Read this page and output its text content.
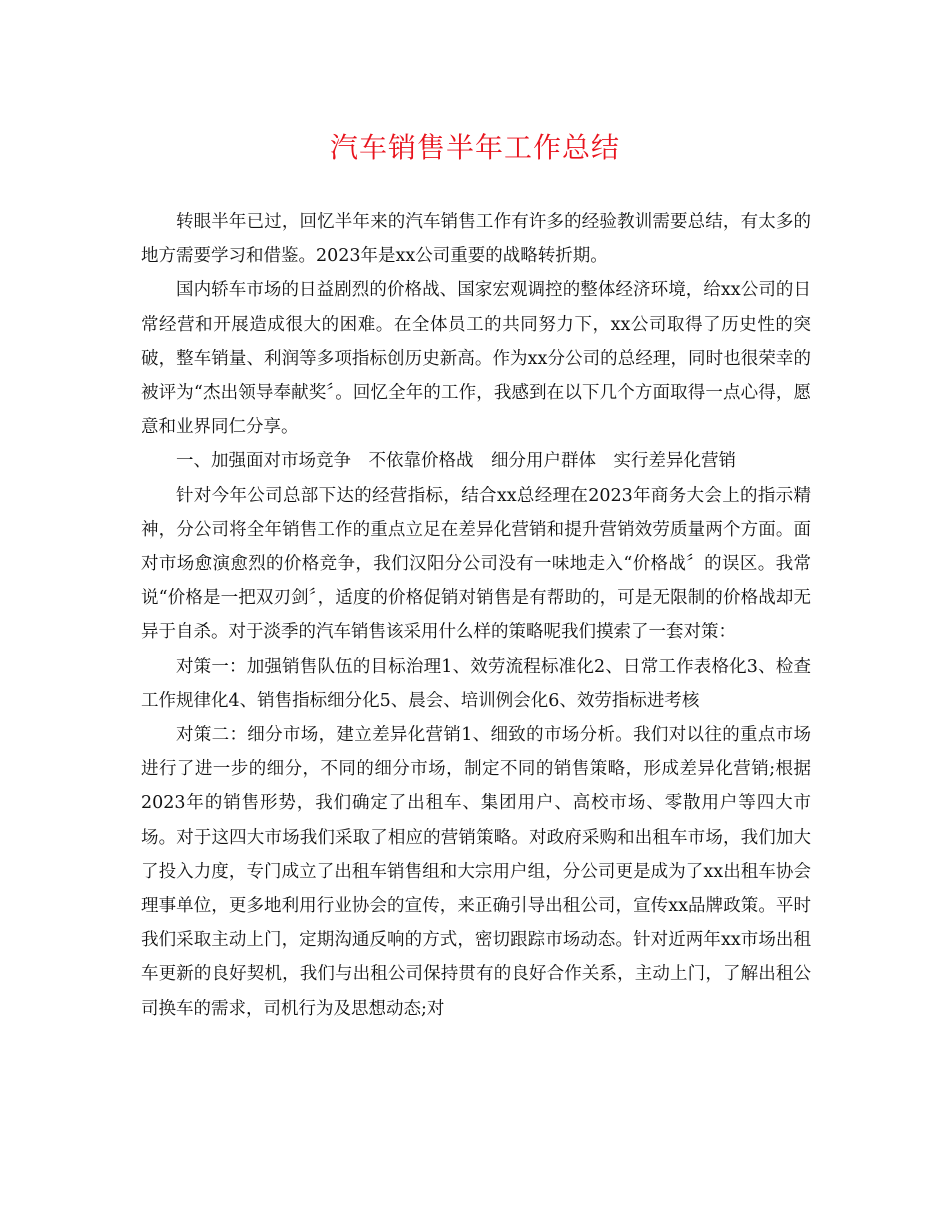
汽车销售半年工作总结

转眼半年已过，回忆半年来的汽车销售工作有许多的经验教训需要总结，有太多的地方需要学习和借鉴。2023年是xx公司重要的战略转折期。

国内轿车市场的日益剧烈的价格战、国家宏观调控的整体经济环境，给xx公司的日常经营和开展造成很大的困难。在全体员工的共同努力下，xx公司取得了历史性的突破，整车销量、利润等多项指标创历史新高。作为xx分公司的总经理，同时也很荣幸的被评为“杰出领导奉献奖〞。回忆全年的工作，我感到在以下几个方面取得一点心得，愿意和业界同仁分享。

一、加强面对市场竞争　不依靠价格战　细分用户群体　实行差异化营销

针对今年公司总部下达的经营指标，结合xx总经理在2023年商务大会上的指示精神，分公司将全年销售工作的重点立足在差异化营销和提升营销效劳质量两个方面。面对市场愈演愈烈的价格竞争，我们汉阳分公司没有一味地走入“价格战〞的误区。我常说“价格是一把双刃剑〞，适度的价格促销对销售是有帮助的，可是无限制的价格战却无异于自杀。对于淡季的汽车销售该采用什么样的策略呢我们摸索了一套对策：

对策一：加强销售队伍的目标治理1、效劳流程标准化2、日常工作表格化3、检查工作规律化4、销售指标细分化5、晨会、培训例会化6、效劳指标进考核

对策二：细分市场，建立差异化营销1、细致的市场分析。我们对以往的重点市场进行了进一步的细分，不同的细分市场，制定不同的销售策略，形成差异化营销;根据2023年的销售形势，我们确定了出租车、集团用户、高校市场、零散用户等四大市场。对于这四大市场我们采取了相应的营销策略。对政府采购和出租车市场，我们加大了投入力度，专门成立了出租车销售组和大宗用户组，分公司更是成为了xx出租车协会理事单位，更多地利用行业协会的宣传，来正确引导出租公司，宣传xx品牌政策。平时我们采取主动上门，定期沟通反响的方式，密切跟踪市场动态。针对近两年xx市场出租车更新的良好契机，我们与出租公司保持贯有的良好合作关系，主动上门，了解出租公司换车的需求，司机行为及思想动态;对
